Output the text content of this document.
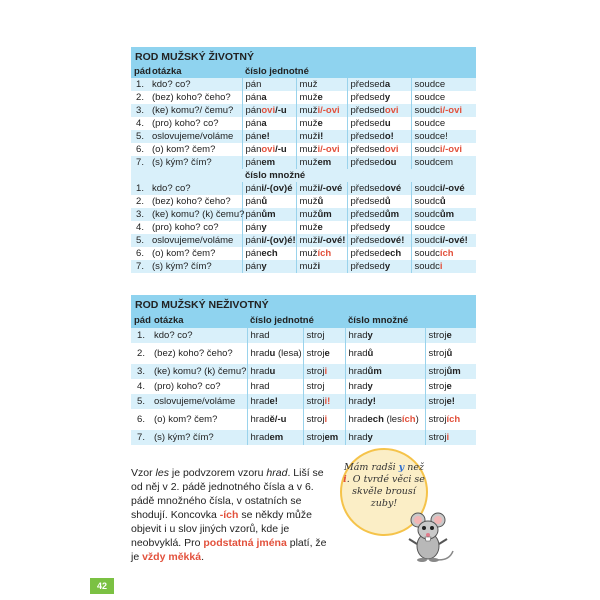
ROD MUŽSKÝ ŽIVOTNÝ
pád	otázka	číslo jednotné			
1.	kdo? co?	pán	muž	předseda	soudce
2.	(bez) koho? čeho?	pána	muže	předsedy	soudce
3.	(ke) komu?/ čemu?	pánovi/-u	muži/-ovi	předsedovi	soudci/-ovi
4.	(pro) koho? co?	pána	muže	předsedu	soudce
5.	oslovujeme/voláme	páne!	muži!	předsedo!	soudce!
6.	(o) kom? čem?	pánovi/-u	muži/-ovi	předsedovi	soudci/-ovi
7.	(s) kým? čím?	pánem	mužem	předsedou	soudcem
		číslo množné			
1.	kdo? co?	páni/-(ov)é	muži/-ové	předsedové	soudci/-ové
2.	(bez) koho? čeho?	pánů	mužů	předsedů	soudců
3.	(ke) komu? (k) čemu?	pánům	mužům	předsedům	soudcům
4.	(pro) koho? co?	pány	muže	předsedy	soudce
5.	oslovujeme/voláme	páni/-(ov)é!	muži/-ové!	předsedové!	soudci/-ové!
6.	(o) kom? čem?	pánech	mužích	předsedech	soudcích
7.	(s) kým? čím?	pány	muži	předsedy	soudci
ROD MUŽSKÝ NEŽIVOTNÝ
pád	otázka	číslo jednotné		číslo množné	
1.	kdo? co?	hrad	stroj	hrady	stroje
2.	(bez) koho? čeho?	hradu (lesa)	stroje	hradů	strojů
3.	(ke) komu? (k) čemu?	hradu	stroji	hradům	strojům
4.	(pro) koho? co?	hrad	stroj	hrady	stroje
5.	oslovujeme/voláme	hrade!	stroji!	hrady!	stroje!
6.	(o) kom? čem?	hradě/-u	stroji	hradech (lesích)	strojích
7.	(s) kým? čím?	hradem	strojem	hrady	stroji

Vzor les je podvzorem vzoru hrad. Liší se od něj v 2. pádě jednotného čísla a v 6. pádě množného čísla, v ostatních se shodují. Koncovka -ích se někdy může objevit i u slov jiných vzorů, kde je neobvyklá. Pro podstatná jména platí, že je vždy měkká.

Mám radši y než i. O tvrdé věci se skvěle brousí zuby!
42
